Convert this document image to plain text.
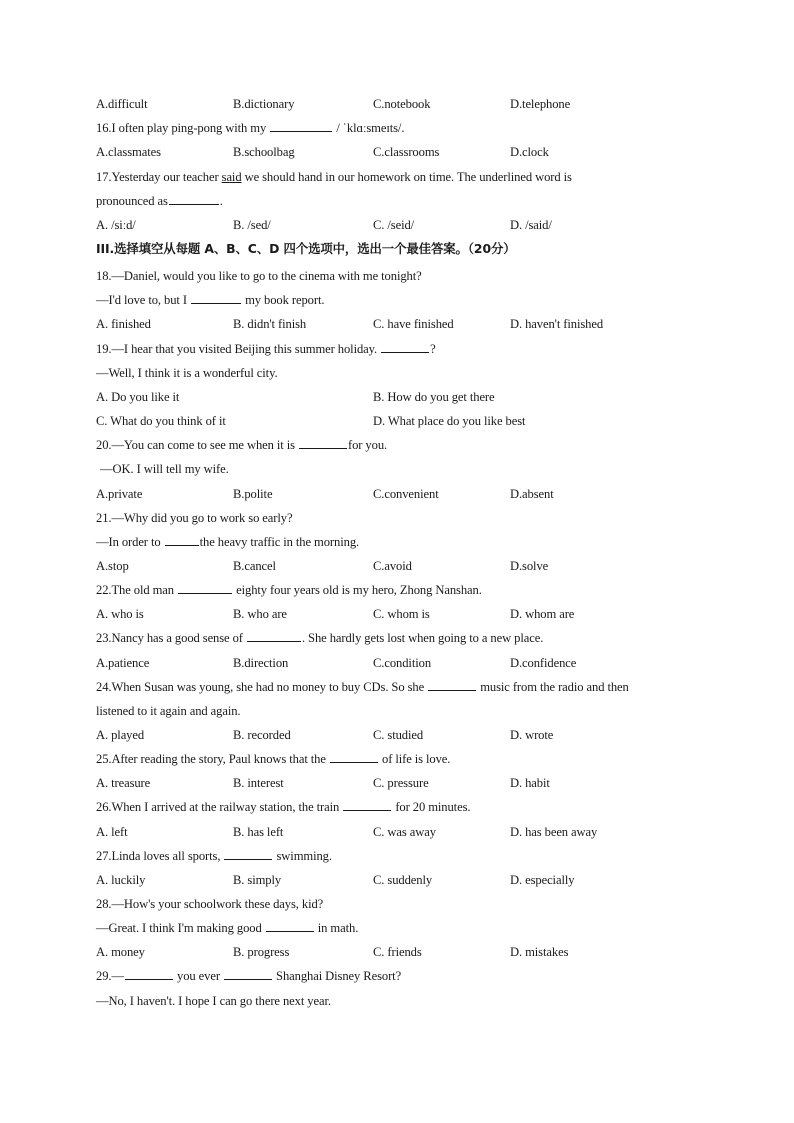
A.difficult	B.dictionary	C.notebook	D.telephone
16.I often play ping-pong with my	/ ˈklɑːsmeɪts/.
A.classmates	B.schoolbag	C.classrooms	D.clock
17.Yesterday our teacher said we should hand in our homework on time. The underlined word is
pronounced as	.
A. /siːd/	B. /sed/	C. /seid/	D. /said/
III.选择填空从每题 A、B、C、D 四个选项中，选出一个最佳答案。（20分）
18.—Daniel, would you like to go to the cinema with me tonight?
—I'd love to, but I	my book report.
A. finished	B. didn't finish	C. have finished	D. haven't finished
19.—I hear that you visited Beijing this summer holiday.	?
—Well, I think it is a wonderful city.
A. Do you like it	B. How do you get there
C. What do you think of it	D. What place do you like best
20.—You can come to see me when it is	for you.
—OK. I will tell my wife.
A.private	B.polite	C.convenient	D.absent
21.—Why did you go to work so early?
—In order to	the heavy traffic in the morning.
A.stop	B.cancel	C.avoid	D.solve
22.The old man	eighty four years old is my hero, Zhong Nanshan.
A. who is	B. who are	C. whom is	D. whom are
23.Nancy has a good sense of	. She hardly gets lost when going to a new place.
A.patience	B.direction	C.condition	D.confidence
24.When Susan was young, she had no money to buy CDs. So she	music from the radio and then
listened to it again and again.
A. played	B. recorded	C. studied	D. wrote
25.After reading the story, Paul knows that the	of life is love.
A. treasure	B. interest	C. pressure	D. habit
26.When I arrived at the railway station, the train	for 20 minutes.
A. left	B. has left	C. was away	D. has been away
27.Linda loves all sports,	swimming.
A. luckily	B. simply	C. suddenly	D. especially
28.—How's your schoolwork these days, kid?
—Great. I think I'm making good	in math.
A. money	B. progress	C. friends	D. mistakes
29.—	you ever	Shanghai Disney Resort?
—No, I haven't. I hope I can go there next year.
